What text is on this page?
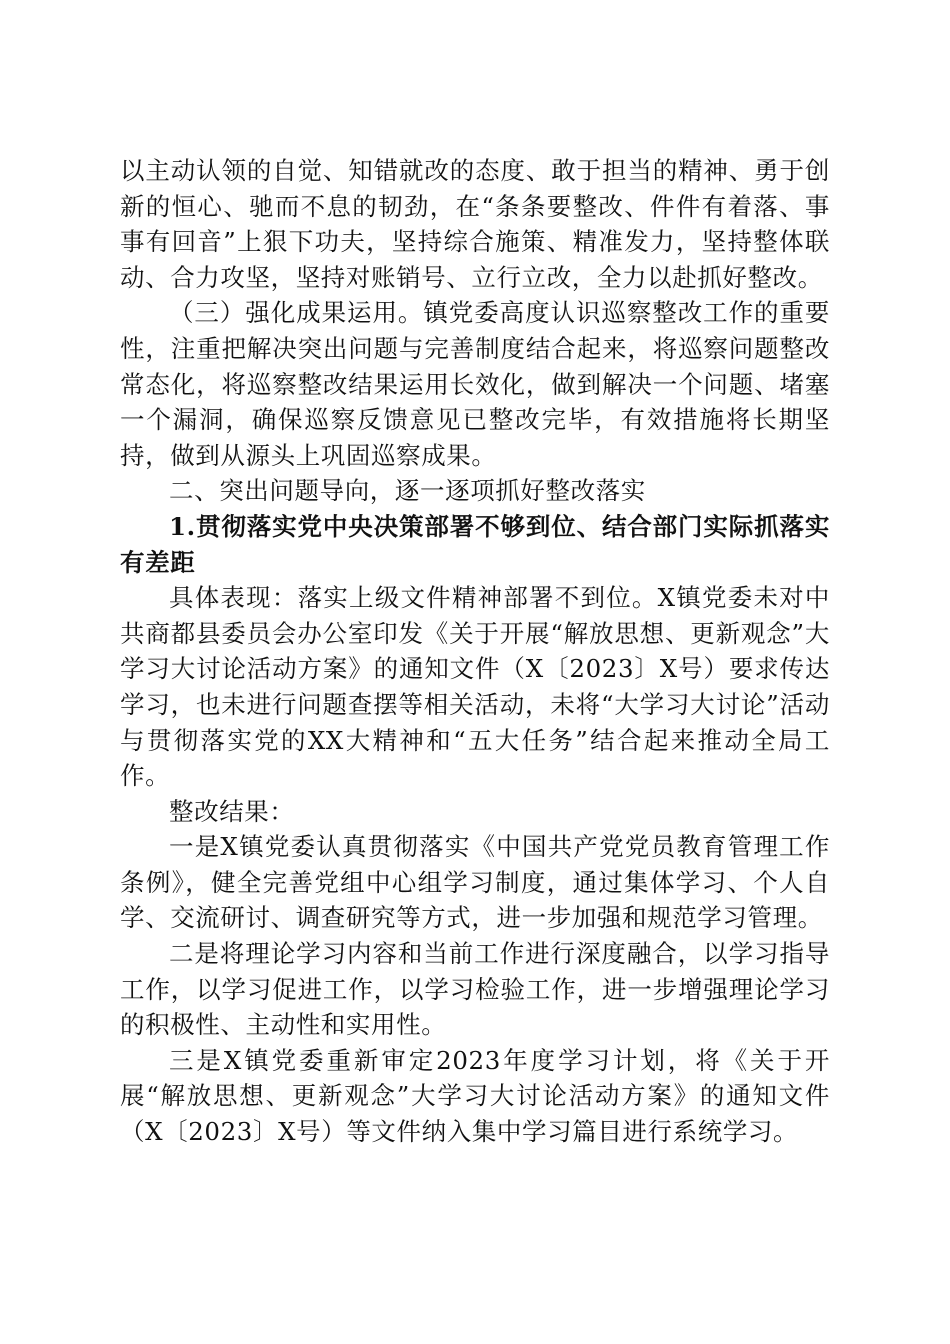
以主动认领的自觉、知错就改的态度、敢于担当的精神、勇于创新的恒心、驰而不息的韧劲，在“条条要整改、件件有着落、事事有回音”上狠下功夫，坚持综合施策、精准发力，坚持整体联动、合力攻坚，坚持对账销号、立行立改，全力以赴抓好整改。

（三）强化成果运用。镇党委高度认识巡察整改工作的重要性，注重把解决突出问题与完善制度结合起来，将巡察问题整改常态化，将巡察整改结果运用长效化，做到解决一个问题、堵塞一个漏洞，确保巡察反馈意见已整改完毕，有效措施将长期坚持，做到从源头上巩固巡察成果。

二、突出问题导向，逐一逐项抓好整改落实

1.贯彻落实党中央决策部署不够到位、结合部门实际抓落实有差距

具体表现：落实上级文件精神部署不到位。X镇党委未对中共商都县委员会办公室印发《关于开展“解放思想、更新观念”大学习大讨论活动方案》的通知文件（X〔2023〕X号）要求传达学习，也未进行问题查摆等相关活动，未将“大学习大讨论”活动与贯彻落实党的XX大精神和“五大任务”结合起来推动全局工作。

整改结果：

一是X镇党委认真贯彻落实《中国共产党党员教育管理工作条例》，健全完善党组中心组学习制度，通过集体学习、个人自学、交流研讨、调查研究等方式，进一步加强和规范学习管理。

二是将理论学习内容和当前工作进行深度融合，以学习指导工作，以学习促进工作，以学习检验工作，进一步增强理论学习的积极性、主动性和实用性。

三是X镇党委重新审定2023年度学习计划，将《关于开展“解放思想、更新观念”大学习大讨论活动方案》的通知文件（X〔2023〕X号）等文件纳入集中学习篇目进行系统学习。
